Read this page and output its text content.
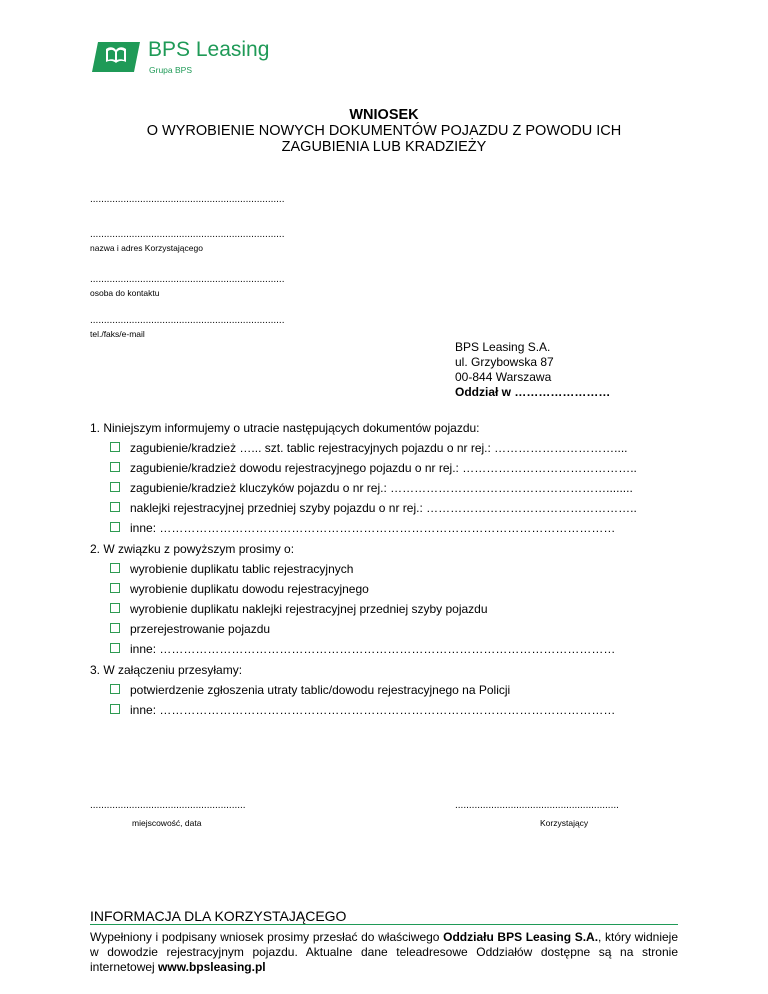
BPS Leasing
Grupa BPS
WNIOSEK
O WYROBIENIE NOWYCH DOKUMENTÓW POJAZDU Z POWODU ICH
ZAGUBIENIA LUB KRADZIEŻY
......................................................................
......................................................................
nazwa i adres Korzystającego
......................................................................
osoba do kontaktu
......................................................................
tel./faks/e-mail
BPS Leasing S.A.
ul. Grzybowska 87
00-844 Warszawa
Oddział w ……………………
1. Niniejszym informujemy o utracie następujących dokumentów pojazdu:
zagubienie/kradzież …... szt. tablic rejestracyjnych pojazdu o nr rej.: …………………………....
zagubienie/kradzież dowodu rejestracyjnego pojazdu o nr rej.: ……………………………………..
zagubienie/kradzież kluczyków pojazdu o nr rej.: ………………………………………………........
naklejki rejestracyjnej przedniej szyby pojazdu o nr rej.: ……………………………………………..
inne: ……………………………………………………………………………………………………
2. W związku z powyższym prosimy o:
wyrobienie duplikatu tablic rejestracyjnych
wyrobienie duplikatu dowodu rejestracyjnego
wyrobienie duplikatu naklejki rejestracyjnej przedniej szyby pojazdu
przerejestrowanie pojazdu
inne: ……………………………………………………………………………………………………
3. W załączeniu przesyłamy:
potwierdzenie zgłoszenia utraty tablic/dowodu rejestracyjnego na Policji
inne: ……………………………………………………………………………………………………
........................................................
miejscowość, data
...........................................................
Korzystający
INFORMACJA DLA KORZYSTAJĄCEGO
Wypełniony i podpisany wniosek prosimy przesłać do właściwego Oddziału BPS Leasing S.A., który widnieje w dowodzie rejestracyjnym pojazdu. Aktualne dane teleadresowe Oddziałów dostępne są na stronie internetowej www.bpsleasing.pl
